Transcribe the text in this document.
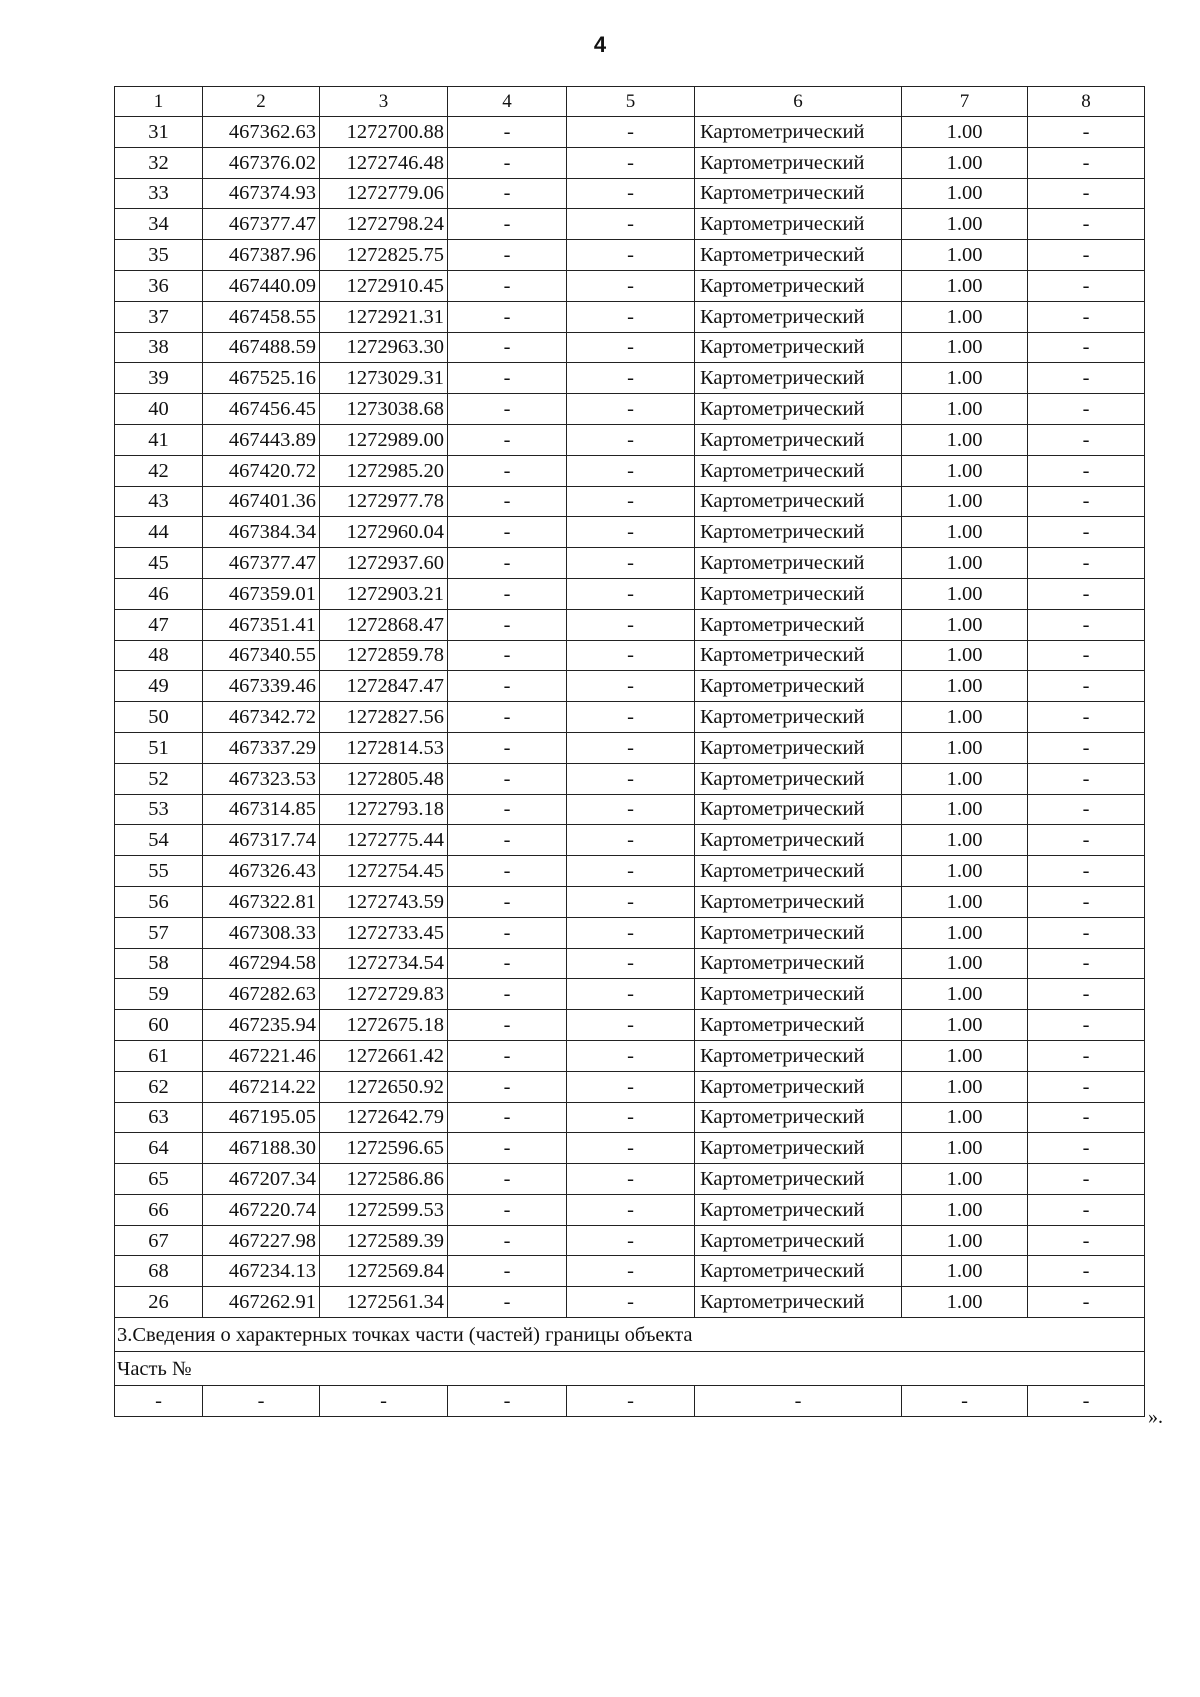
4
1	2	3	4	5	6	7	8
31	467362.63	1272700.88	-	-	Картометрический	1.00	-
32	467376.02	1272746.48	-	-	Картометрический	1.00	-
33	467374.93	1272779.06	-	-	Картометрический	1.00	-
34	467377.47	1272798.24	-	-	Картометрический	1.00	-
35	467387.96	1272825.75	-	-	Картометрический	1.00	-
36	467440.09	1272910.45	-	-	Картометрический	1.00	-
37	467458.55	1272921.31	-	-	Картометрический	1.00	-
38	467488.59	1272963.30	-	-	Картометрический	1.00	-
39	467525.16	1273029.31	-	-	Картометрический	1.00	-
40	467456.45	1273038.68	-	-	Картометрический	1.00	-
41	467443.89	1272989.00	-	-	Картометрический	1.00	-
42	467420.72	1272985.20	-	-	Картометрический	1.00	-
43	467401.36	1272977.78	-	-	Картометрический	1.00	-
44	467384.34	1272960.04	-	-	Картометрический	1.00	-
45	467377.47	1272937.60	-	-	Картометрический	1.00	-
46	467359.01	1272903.21	-	-	Картометрический	1.00	-
47	467351.41	1272868.47	-	-	Картометрический	1.00	-
48	467340.55	1272859.78	-	-	Картометрический	1.00	-
49	467339.46	1272847.47	-	-	Картометрический	1.00	-
50	467342.72	1272827.56	-	-	Картометрический	1.00	-
51	467337.29	1272814.53	-	-	Картометрический	1.00	-
52	467323.53	1272805.48	-	-	Картометрический	1.00	-
53	467314.85	1272793.18	-	-	Картометрический	1.00	-
54	467317.74	1272775.44	-	-	Картометрический	1.00	-
55	467326.43	1272754.45	-	-	Картометрический	1.00	-
56	467322.81	1272743.59	-	-	Картометрический	1.00	-
57	467308.33	1272733.45	-	-	Картометрический	1.00	-
58	467294.58	1272734.54	-	-	Картометрический	1.00	-
59	467282.63	1272729.83	-	-	Картометрический	1.00	-
60	467235.94	1272675.18	-	-	Картометрический	1.00	-
61	467221.46	1272661.42	-	-	Картометрический	1.00	-
62	467214.22	1272650.92	-	-	Картометрический	1.00	-
63	467195.05	1272642.79	-	-	Картометрический	1.00	-
64	467188.30	1272596.65	-	-	Картометрический	1.00	-
65	467207.34	1272586.86	-	-	Картометрический	1.00	-
66	467220.74	1272599.53	-	-	Картометрический	1.00	-
67	467227.98	1272589.39	-	-	Картометрический	1.00	-
68	467234.13	1272569.84	-	-	Картометрический	1.00	-
26	467262.91	1272561.34	-	-	Картометрический	1.00	-
3.Сведения о характерных точках части (частей) границы объекта							
Часть №							
-	-	-	-	-	-	-	-
».
